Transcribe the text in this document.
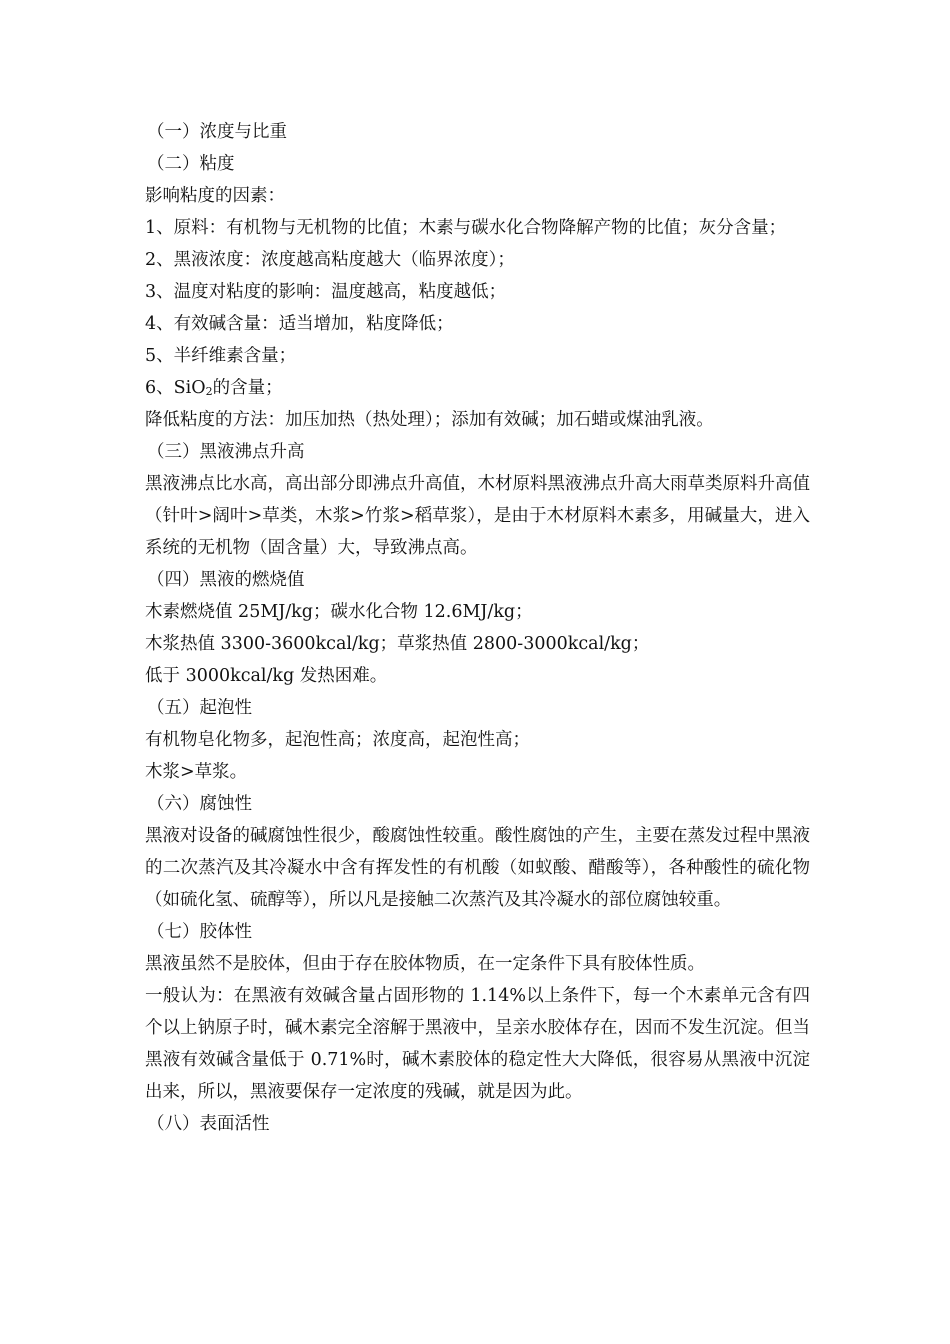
（一）浓度与比重
（二）粘度
影响粘度的因素：
1、原料：有机物与无机物的比值；木素与碳水化合物降解产物的比值；灰分含量；
2、黑液浓度：浓度越高粘度越大（临界浓度）；
3、温度对粘度的影响：温度越高，粘度越低；
4、有效碱含量：适当增加，粘度降低；
5、半纤维素含量；
6、SiO$_2$的含量；
降低粘度的方法：加压加热（热处理）；添加有效碱；加石蜡或煤油乳液。
（三）黑液沸点升高
黑液沸点比水高，高出部分即沸点升高值，木材原料黑液沸点升高大雨草类原料升高值（针叶>阔叶>草类，木浆>竹浆>稻草浆），是由于木材原料木素多，用碱量大，进入系统的无机物（固含量）大，导致沸点高。
（四）黑液的燃烧值
木素燃烧值 25MJ/kg；碳水化合物 12.6MJ/kg；
木浆热值 3300-3600kcal/kg；草浆热值 2800-3000kcal/kg；
低于 3000kcal/kg 发热困难。
（五）起泡性
有机物皂化物多，起泡性高；浓度高，起泡性高；
木浆>草浆。
（六）腐蚀性
黑液对设备的碱腐蚀性很少，酸腐蚀性较重。酸性腐蚀的产生，主要在蒸发过程中黑液的二次蒸汽及其冷凝水中含有挥发性的有机酸（如蚁酸、醋酸等），各种酸性的硫化物（如硫化氢、硫醇等），所以凡是接触二次蒸汽及其冷凝水的部位腐蚀较重。
（七）胶体性
黑液虽然不是胶体，但由于存在胶体物质，在一定条件下具有胶体性质。
一般认为：在黑液有效碱含量占固形物的 1.14%以上条件下，每一个木素单元含有四个以上钠原子时，碱木素完全溶解于黑液中，呈亲水胶体存在，因而不发生沉淀。但当黑液有效碱含量低于 0.71%时，碱木素胶体的稳定性大大降低，很容易从黑液中沉淀出来，所以，黑液要保存一定浓度的残碱，就是因为此。
（八）表面活性
